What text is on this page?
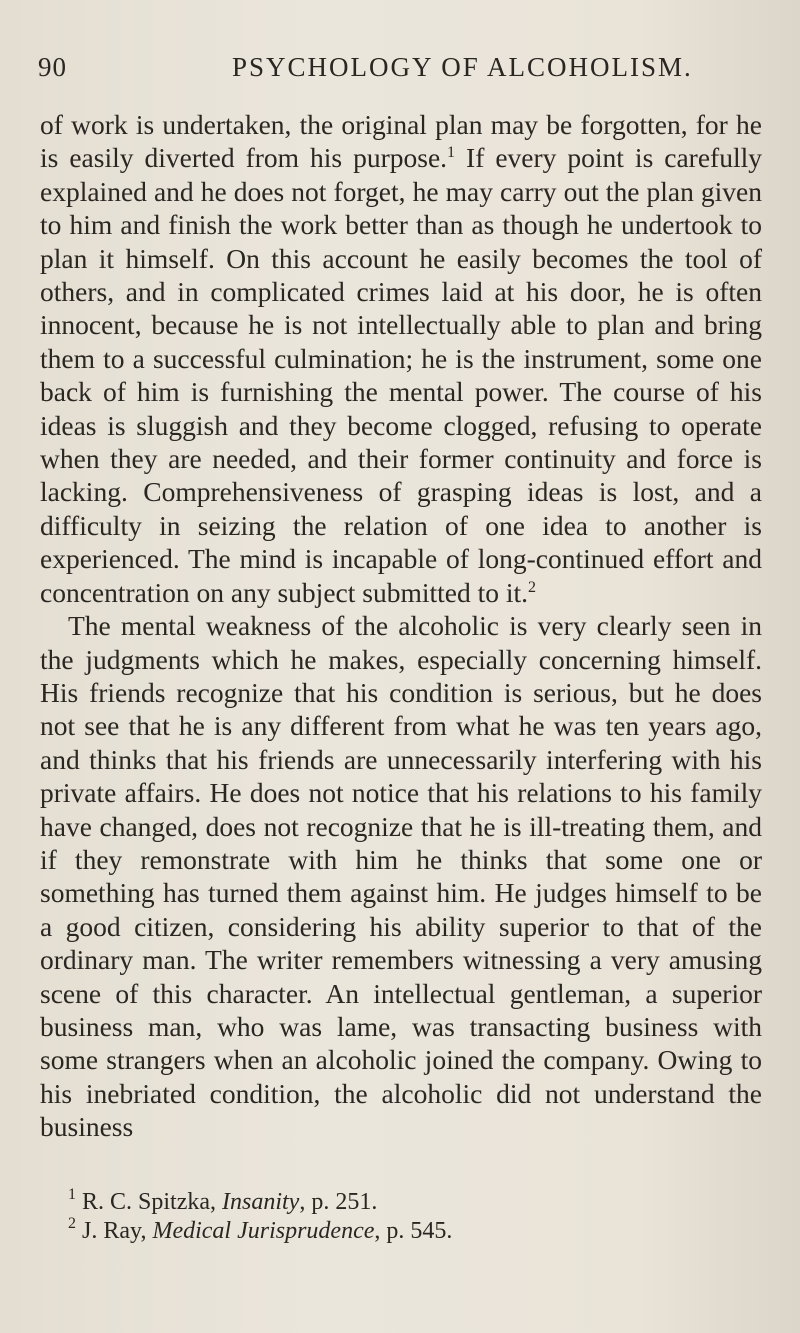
90	PSYCHOLOGY OF ALCOHOLISM.

of work is undertaken, the original plan may be forgotten, for he is easily diverted from his purpose.$^1$ If every point is carefully explained and he does not forget, he may carry out the plan given to him and finish the work better than as though he undertook to plan it himself. On this account he easily becomes the tool of others, and in complicated crimes laid at his door, he is often innocent, because he is not intellectually able to plan and bring them to a successful culmination; he is the instrument, some one back of him is furnishing the mental power. The course of his ideas is sluggish and they become clogged, refusing to operate when they are needed, and their former continuity and force is lacking. Comprehensiveness of grasping ideas is lost, and a difficulty in seizing the relation of one idea to another is experienced. The mind is incapable of long-continued effort and concentration on any subject submitted to it.$^2$

The mental weakness of the alcoholic is very clearly seen in the judgments which he makes, especially concerning himself. His friends recognize that his condition is serious, but he does not see that he is any different from what he was ten years ago, and thinks that his friends are unnecessarily interfering with his private affairs. He does not notice that his relations to his family have changed, does not recognize that he is ill-treating them, and if they remonstrate with him he thinks that some one or something has turned them against him. He judges himself to be a good citizen, considering his ability superior to that of the ordinary man. The writer remembers witnessing a very amusing scene of this character. An intellectual gentleman, a superior business man, who was lame, was transacting business with some strangers when an alcoholic joined the company. Owing to his inebriated condition, the alcoholic did not understand the business

$^1$ R. C. Spitzka, Insanity, p. 251.
$^2$ J. Ray, Medical Jurisprudence, p. 545.
